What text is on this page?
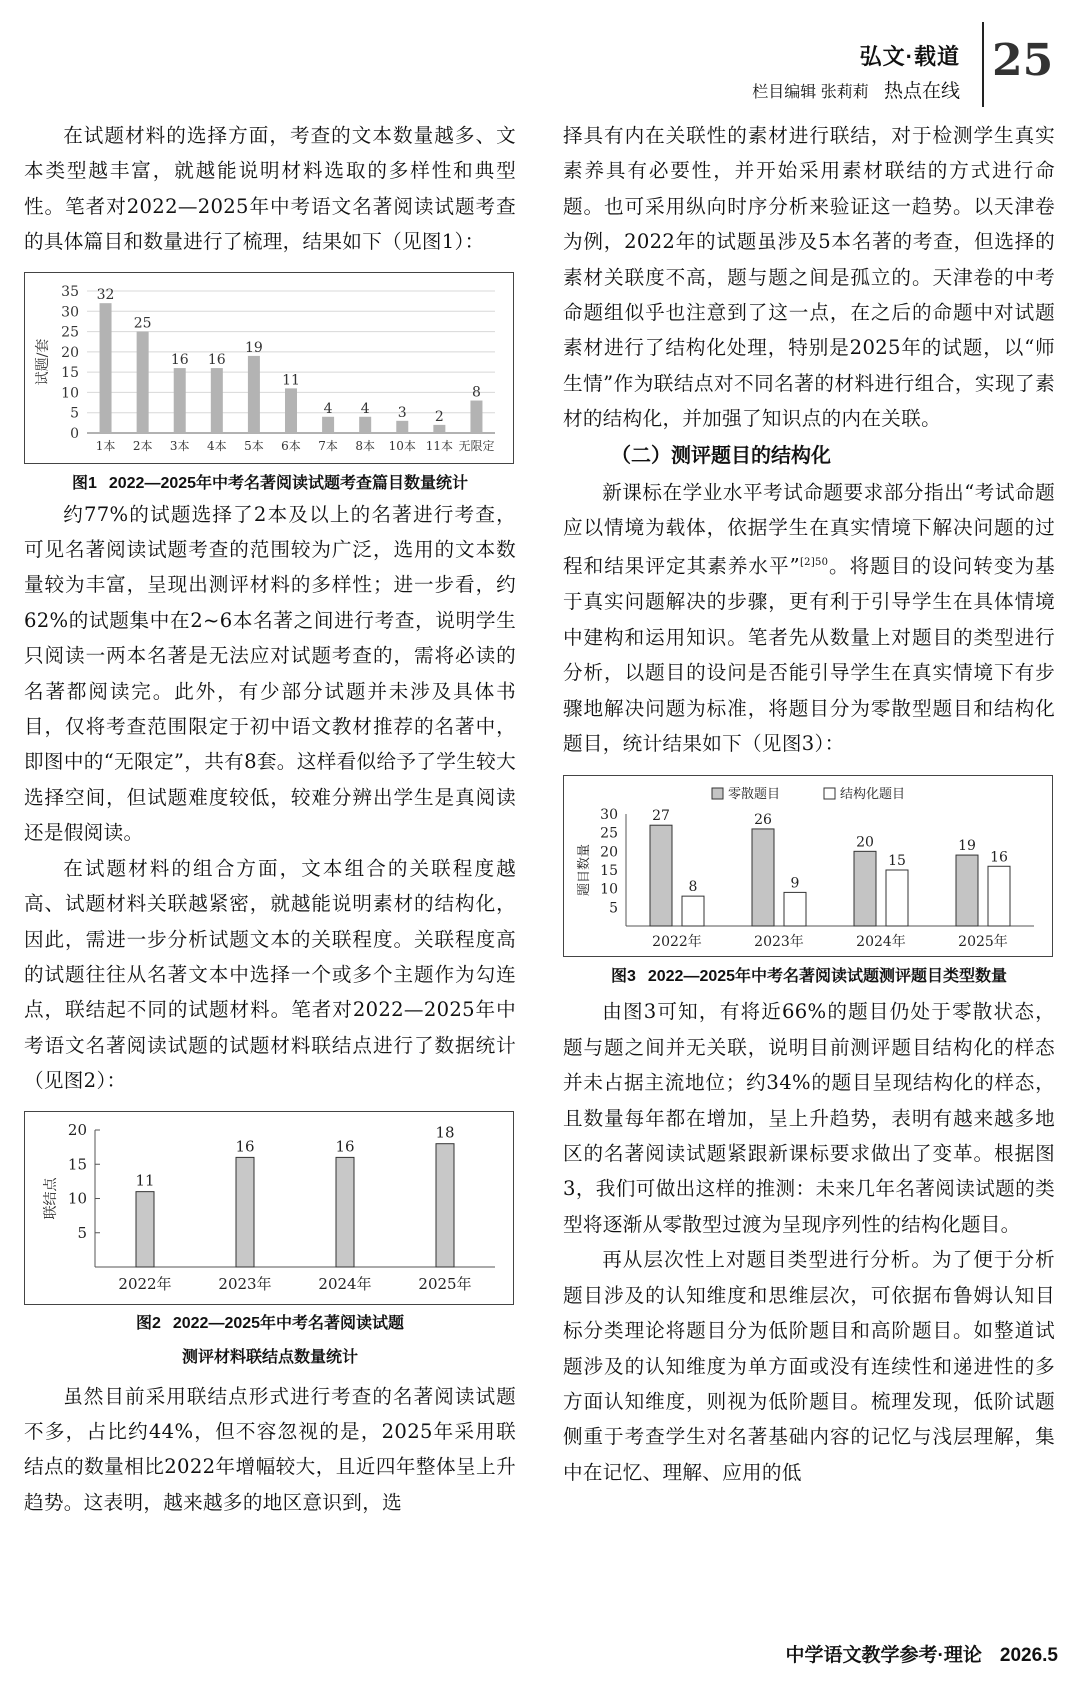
弘文·载道
栏目编辑 张莉莉 热点在线
25

在试题材料的选择方面，考查的文本数量越多、文本类型越丰富，就越能说明材料选取的多样性和典型性。笔者对2022—2025年中考语文名著阅读试题考查的具体篇目和数量进行了梳理，结果如下（见图1）：

0
5
10
15
20
25
30
35
试题/套
32
1本
25
2本
16
3本
16
4本
19
5本
11
6本
4
7本
4
8本
3
10本
2
11本
8
无限定
图1 2022—2025年中考名著阅读试题考查篇目数量统计

约77%的试题选择了2本及以上的名著进行考查，可见名著阅读试题考查的范围较为广泛，选用的文本数量较为丰富，呈现出测评材料的多样性；进一步看，约62%的试题集中在2~6本名著之间进行考查，说明学生只阅读一两本名著是无法应对试题考查的，需将必读的名著都阅读完。此外，有少部分试题并未涉及具体书目，仅将考查范围限定于初中语文教材推荐的名著中，即图中的“无限定”，共有8套。这样看似给予了学生较大选择空间，但试题难度较低，较难分辨出学生是真阅读还是假阅读。

在试题材料的组合方面，文本组合的关联程度越高、试题材料关联越紧密，就越能说明素材的结构化，因此，需进一步分析试题文本的关联程度。关联程度高的试题往往从名著文本中选择一个或多个主题作为勾连点，联结起不同的试题材料。笔者对2022—2025年中考语文名著阅读试题的试题材料联结点进行了数据统计（见图2）：

5
10
15
20
联结点	11
2022年
16
2023年
16
2024年
18
2025年
图2 2022—2025年中考名著阅读试题
测评材料联结点数量统计

虽然目前采用联结点形式进行考查的名著阅读试题不多，占比约44%，但不容忽视的是，2025年采用联结点的数量相比2022年增幅较大，且近四年整体呈上升趋势。这表明，越来越多的地区意识到，选

择具有内在关联性的素材进行联结，对于检测学生真实素养具有必要性，并开始采用素材联结的方式进行命题。也可采用纵向时序分析来验证这一趋势。以天津卷为例，2022年的试题虽涉及5本名著的考查，但选择的素材关联度不高，题与题之间是孤立的。天津卷的中考命题组似乎也注意到了这一点，在之后的命题中对试题素材进行了结构化处理，特别是2025年的试题，以“师生情”作为联结点对不同名著的材料进行组合，实现了素材的结构化，并加强了知识点的内在关联。

（二）测评题目的结构化

新课标在学业水平考试命题要求部分指出“考试命题应以情境为载体，依据学生在真实情境下解决问题的过程和结果评定其素养水平”$^{[2]50}$。将题目的设问转变为基于真实问题解决的步骤，更有利于引导学生在具体情境中建构和运用知识。笔者先从数量上对题目的类型进行分析，以题目的设问是否能引导学生在真实情境下有步骤地解决问题为标准，将题目分为零散型题目和结构化题目，统计结果如下（见图3）：

5
10
15
20
25
30
题目数量
零散题目	结构化题目
27
8
2022年
26
9
2023年
20
15
2024年
19
16
2025年
图3 2022—2025年中考名著阅读试题测评题目类型数量

由图3可知，有将近66%的题目仍处于零散状态，题与题之间并无关联，说明目前测评题目结构化的样态并未占据主流地位；约34%的题目呈现结构化的样态，且数量每年都在增加，呈上升趋势，表明有越来越多地区的名著阅读试题紧跟新课标要求做出了变革。根据图3，我们可做出这样的推测：未来几年名著阅读试题的类型将逐渐从零散型过渡为呈现序列性的结构化题目。

再从层次性上对题目类型进行分析。为了便于分析题目涉及的认知维度和思维层次，可依据布鲁姆认知目标分类理论将题目分为低阶题目和高阶题目。如整道试题涉及的认知维度为单方面或没有连续性和递进性的多方面认知维度，则视为低阶题目。梳理发现，低阶试题侧重于考查学生对名著基础内容的记忆与浅层理解，集中在记忆、理解、应用的低

中学语文教学参考·理论 2026.5
